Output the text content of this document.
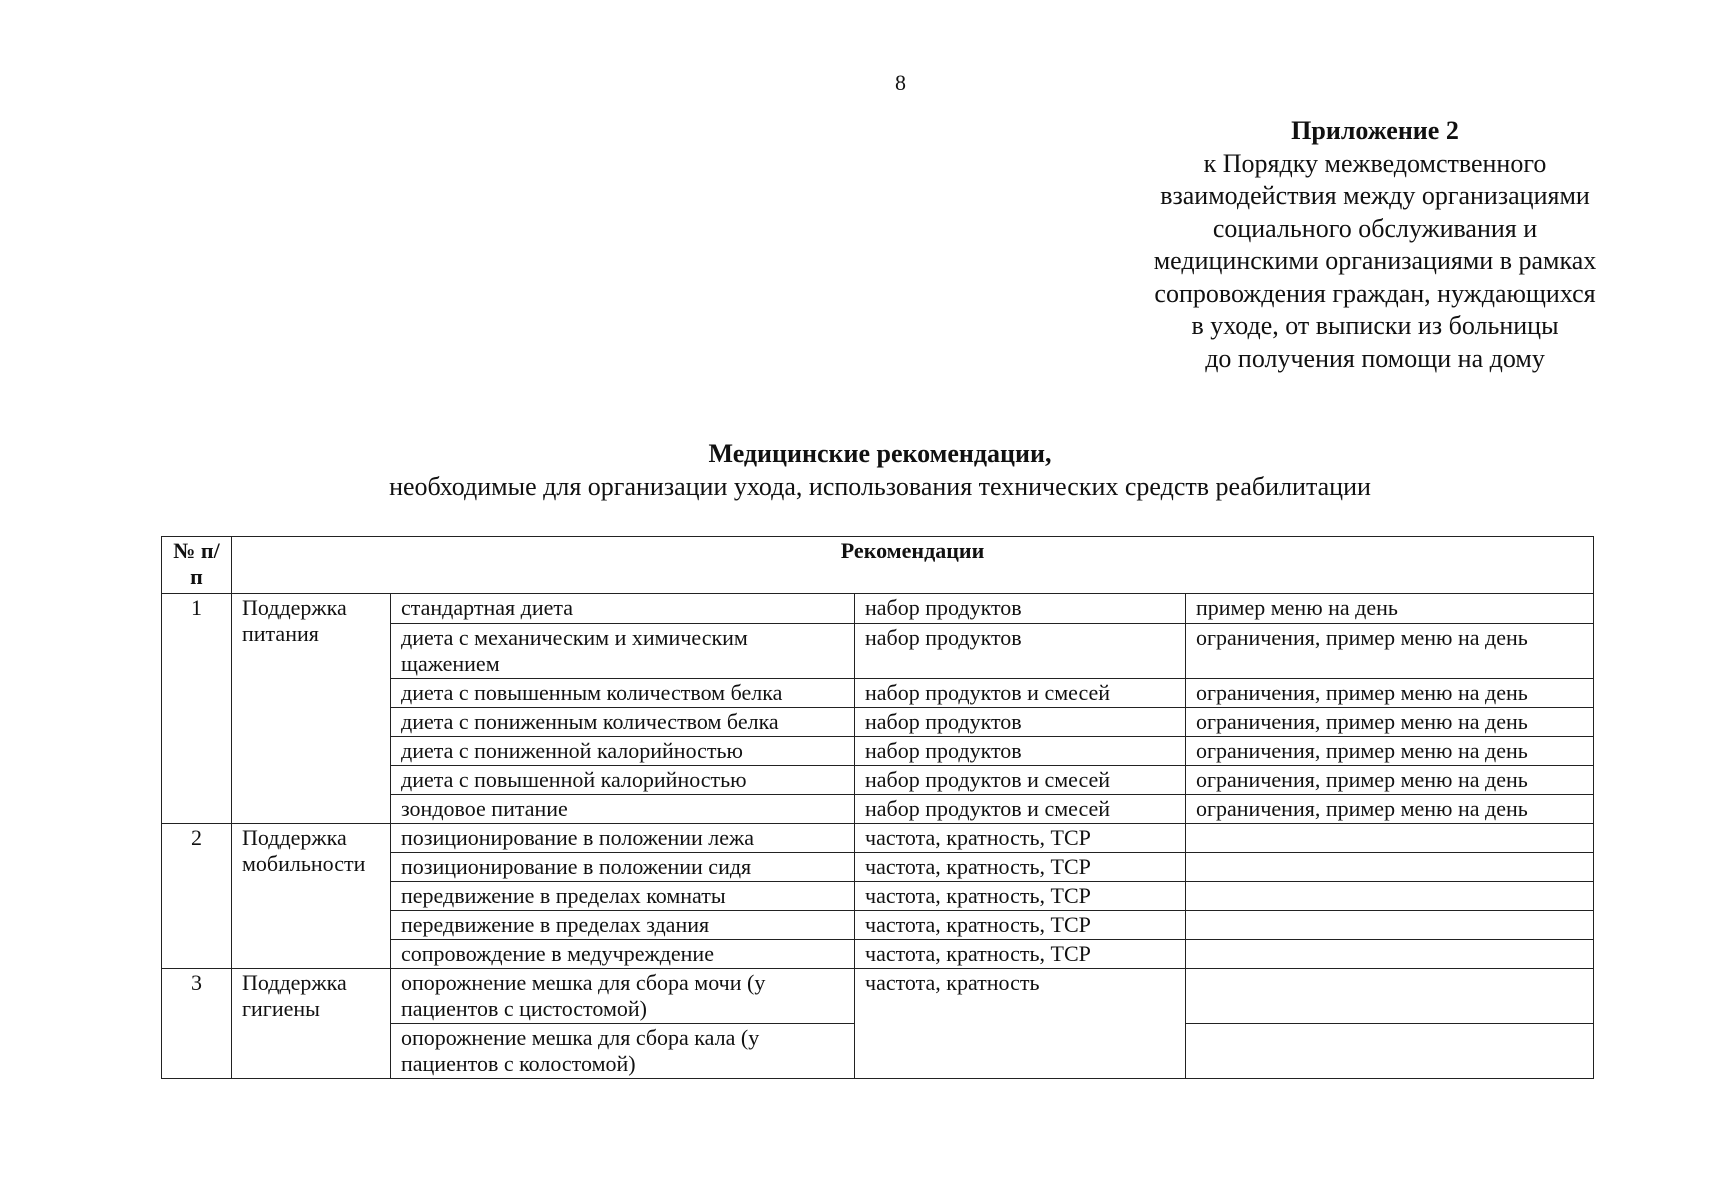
8
Приложение 2
к Порядку межведомственного
взаимодействия между организациями
социального обслуживания и
медицинскими организациями в рамках
сопровождения граждан, нуждающихся
в уходе, от выписки из больницы
до получения помощи на дому
Медицинские рекомендации,
необходимые для организации ухода, использования технических средств реабилитации
№ п/п	Рекомендации			
1	Поддержка питания	стандартная диета	набор продуктов	пример меню на день
		диета с механическим и химическим щажением	набор продуктов	ограничения, пример меню на день
		диета с повышенным количеством белка	набор продуктов и смесей	ограничения, пример меню на день
		диета с пониженным количеством белка	набор продуктов	ограничения, пример меню на день
		диета с пониженной калорийностью	набор продуктов	ограничения, пример меню на день
		диета с повышенной калорийностью	набор продуктов и смесей	ограничения, пример меню на день
		зондовое питание	набор продуктов и смесей	ограничения, пример меню на день
2	Поддержка мобильности	позиционирование в положении лежа	частота, кратность, ТСР	
		позиционирование в положении сидя	частота, кратность, ТСР	
		передвижение в пределах комнаты	частота, кратность, ТСР	
		передвижение в пределах здания	частота, кратность, ТСР	
		сопровождение в медучреждение	частота, кратность, ТСР	
3	Поддержка гигиены	опорожнение мешка для сбора мочи (у пациентов с цистостомой)	частота, кратность	
		опорожнение мешка для сбора кала (у пациентов с колостомой)		
